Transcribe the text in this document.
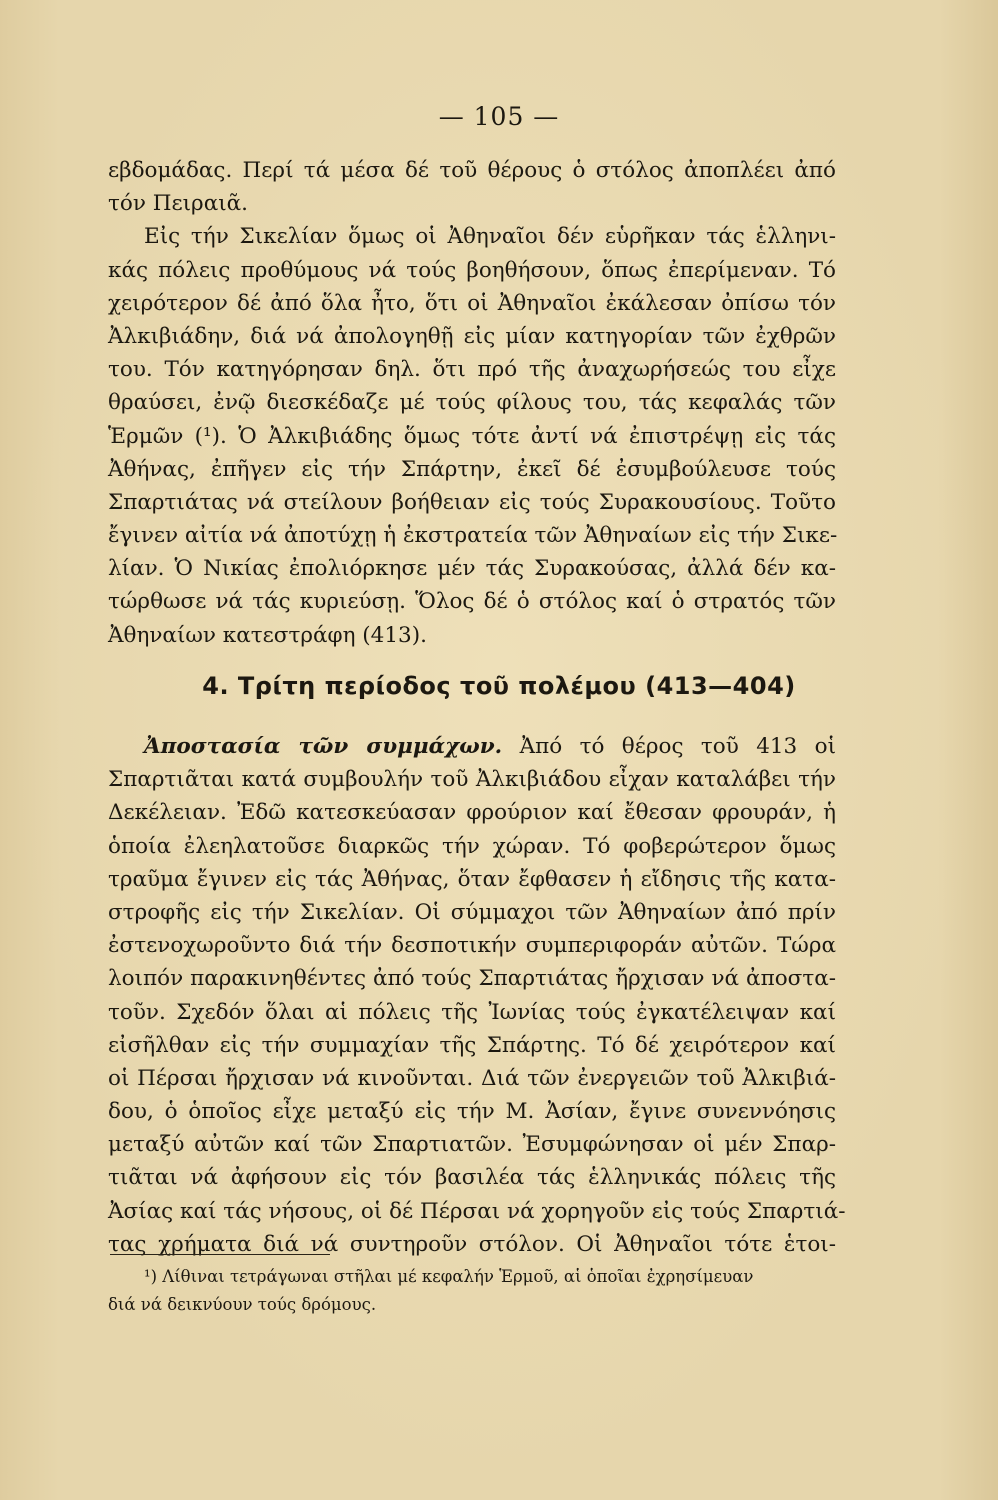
— 105 —
εβδομάδας. Περί τά μέσα δέ τοῦ θέρους ὁ στόλος ἀποπλέει ἀπό
τόν Πειραιᾶ.
Εἰς τήν Σικελίαν ὅμως οἱ Ἀθηναῖοι δέν εὑρῆκαν τάς ἑλληνι-
κάς πόλεις προθύμους νά τούς βοηθήσουν, ὅπως ἐπερίμεναν. Τό
χειρότερον δέ ἀπό ὅλα ἦτο, ὅτι οἱ Ἀθηναῖοι ἐκάλεσαν ὀπίσω τόν
Ἀλκιβιάδην, διά νά ἀπολογηθῇ εἰς μίαν κατηγορίαν τῶν ἐχθρῶν
του. Τόν κατηγόρησαν δηλ. ὅτι πρό τῆς ἀναχωρήσεώς του εἶχε
θραύσει, ἐνῷ διεσκέδαζε μέ τούς φίλους του, τάς κεφαλάς τῶν
Ἑρμῶν (¹). Ὁ Ἀλκιβιάδης ὅμως τότε ἀντί νά ἐπιστρέψῃ εἰς τάς
Ἀθήνας, ἐπῆγεν εἰς τήν Σπάρτην, ἐκεῖ δέ ἐσυμβούλευσε τούς
Σπαρτιάτας νά στείλουν βοήθειαν εἰς τούς Συρακουσίους. Τοῦτο
ἔγινεν αἰτία νά ἀποτύχῃ ἡ ἐκστρατεία τῶν Ἀθηναίων εἰς τήν Σικε-
λίαν. Ὁ Νικίας ἐπολιόρκησε μέν τάς Συρακούσας, ἀλλά δέν κα-
τώρθωσε νά τάς κυριεύσῃ. Ὅλος δέ ὁ στόλος καί ὁ στρατός τῶν
Ἀθηναίων κατεστράφη (413).
4. Τρίτη περίοδος τοῦ πολέμου (413—404)
Ἀποστασία τῶν συμμάχων. Ἀπό τό θέρος τοῦ 413 οἱ
Σπαρτιᾶται κατά συμβουλήν τοῦ Ἀλκιβιάδου εἶχαν καταλάβει τήν
Δεκέλειαν. Ἐδῶ κατεσκεύασαν φρούριον καί ἔθεσαν φρουράν, ἡ
ὁποία ἐλεηλατοῦσε διαρκῶς τήν χώραν. Τό φοβερώτερον ὅμως
τραῦμα ἔγινεν εἰς τάς Ἀθήνας, ὅταν ἔφθασεν ἡ εἴδησις τῆς κατα-
στροφῆς εἰς τήν Σικελίαν. Οἱ σύμμαχοι τῶν Ἀθηναίων ἀπό πρίν
ἐστενοχωροῦντο διά τήν δεσποτικήν συμπεριφοράν αὐτῶν. Τώρα
λοιπόν παρακινηθέντες ἀπό τούς Σπαρτιάτας ἤρχισαν νά ἀποστα-
τοῦν. Σχεδόν ὅλαι αἱ πόλεις τῆς Ἰωνίας τούς ἐγκατέλειψαν καί
εἰσῆλθαν εἰς τήν συμμαχίαν τῆς Σπάρτης. Τό δέ χειρότερον καί
οἱ Πέρσαι ἤρχισαν νά κινοῦνται. Διά τῶν ἐνεργειῶν τοῦ Ἀλκιβιά-
δου, ὁ ὁποῖος εἶχε μεταξύ εἰς τήν Μ. Ἀσίαν, ἔγινε συνεννόησις
μεταξύ αὐτῶν καί τῶν Σπαρτιατῶν. Ἐσυμφώνησαν οἱ μέν Σπαρ-
τιᾶται νά ἀφήσουν εἰς τόν βασιλέα τάς ἑλληνικάς πόλεις τῆς
Ἀσίας καί τάς νήσους, οἱ δέ Πέρσαι νά χορηγοῦν εἰς τούς Σπαρτιά-
τας χρήματα διά νά συντηροῦν στόλον. Οἱ Ἀθηναῖοι τότε ἑτοι-
¹) Λίθιναι τετράγωναι στῆλαι μέ κεφαλήν Ἑρμοῦ, αἱ ὁποῖαι ἐχρησίμευαν
διά νά δεικνύουν τούς δρόμους.
